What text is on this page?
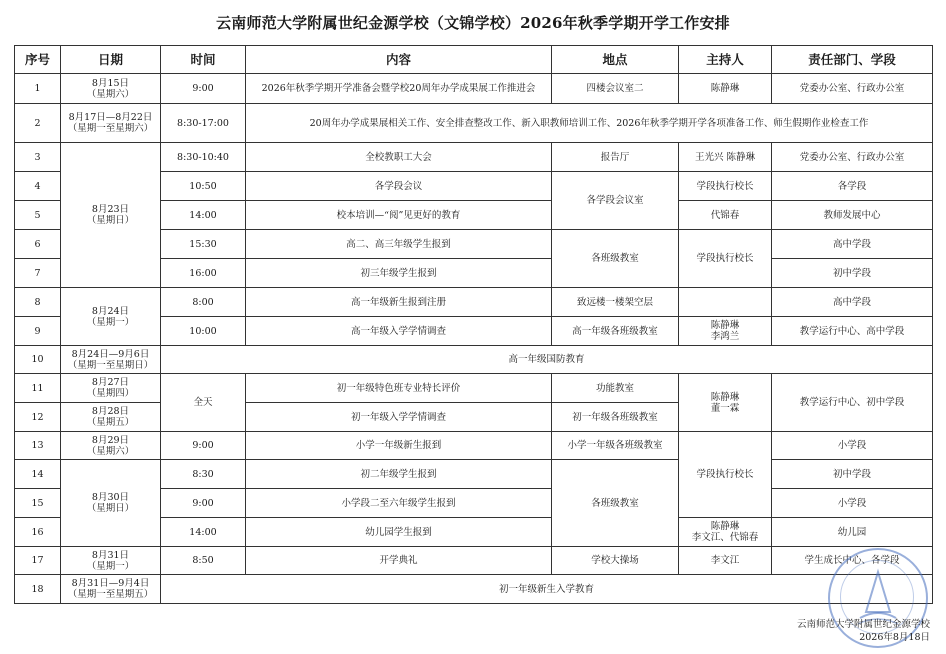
云南师范大学附属世纪金源学校（文锦学校）2026年秋季学期开学工作安排
序号	日期	时间	内容	地点	主持人	责任部门、学段
1	8月15日
（星期六）	9:00	2026年秋季学期开学准备会暨学校20周年办学成果展工作推进会	四楼会议室二	陈静琳	党委办公室、行政办公室
2	8月17日—8月22日
（星期一至星期六）	8:30-17:00	20周年办学成果展相关工作、安全排查整改工作、新入职教师培训工作、2026年秋季学期开学各项准备工作、师生假期作业检查工作			
3	8月23日
（星期日）	8:30-10:40	全校教职工大会	报告厅	王光兴 陈静琳	党委办公室、行政办公室
4		10:50	各学段会议	各学段会议室	学段执行校长	各学段
5		14:00	校本培训—“阅”见更好的教育		代锦春	教师发展中心
6		15:30	高二、高三年级学生报到	各班级教室	学段执行校长	高中学段
7		16:00	初三年级学生报到			初中学段
8	8月24日
（星期一）	8:00	高一年级新生报到注册	致远楼一楼架空层		高中学段
9		10:00	高一年级入学学情调查	高一年级各班级教室	陈静琳
李鸿兰	教学运行中心、高中学段
10	8月24日—9月6日
（星期一至星期日）	高一年级国防教育				
11	8月27日
（星期四）	全天	初一年级特色班专业特长评价	功能教室	陈静琳
董一霖	教学运行中心、初中学段
12	8月28日
（星期五）		初一年级入学学情调查	初一年级各班级教室		
13	8月29日
（星期六）	9:00	小学一年级新生报到	小学一年级各班级教室	学段执行校长	小学段
14	8月30日
（星期日）	8:30	初二年级学生报到	各班级教室		初中学段
15		9:00	小学段二至六年级学生报到			小学段
16		14:00	幼儿园学生报到		陈静琳
李文江、代锦春	幼儿园
17	8月31日
（星期一）	8:50	开学典礼	学校大操场	李文江	学生成长中心、各学段
18	8月31日—9月4日
（星期一至星期五）	初一年级新生入学教育				
云南师范大学附属世纪金源学校
2026年8月18日
